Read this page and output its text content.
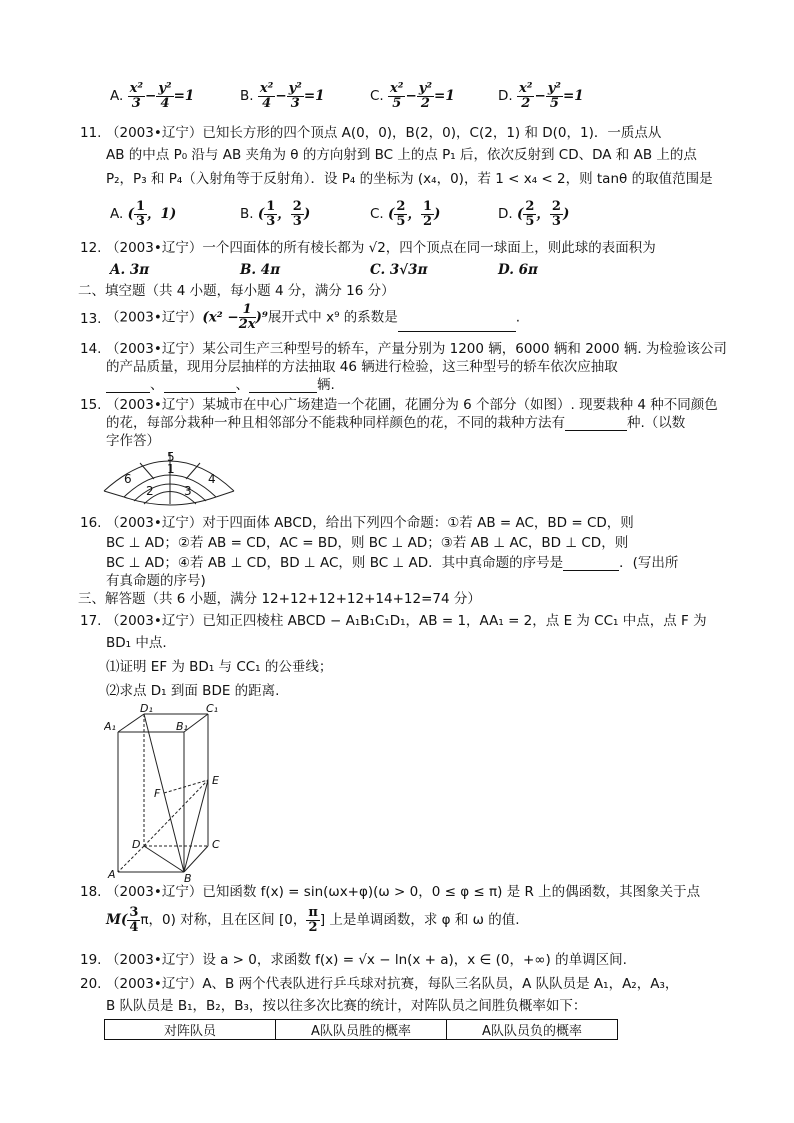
A. $\frac{\text{x²}}{3} - \frac{\text{y²}}{4} =1$	B. $\frac{\text{x²}}{4} - \frac{\text{y²}}{3} =1$	C. $\frac{\text{x²}}{5} - \frac{\text{y²}}{2} =1$	D. $\frac{\text{x²}}{2} - \frac{\text{y²}}{5} =1$
11. （2003•辽宁）已知长方形的四个顶点 A(0，0)，B(2，0)，C(2，1) 和 D(0，1)．一质点从
AB 的中点 P₀ 沿与 AB 夹角为 θ 的方向射到 BC 上的点 P₁ 后，依次反射到 CD、DA 和 AB 上的点
P₂，P₃ 和 P₄（入射角等于反射角）．设 P₄ 的坐标为 (x₄，0)，若 1 < x₄ < 2，则 tanθ 的取值范围是
A. ( $\frac{1}{3}$ ，1)	B. ( $\frac{1}{3}$ ， $\frac{2}{3}$ )	C. ( $\frac{2}{5}$ ， $\frac{1}{2}$ )	D. ( $\frac{2}{5}$ ， $\frac{2}{3}$ )
12. （2003•辽宁）一个四面体的所有棱长都为 √2，四个顶点在同一球面上，则此球的表面积为
A. 3π	B. 4π	C. 3√3π	D. 6π
二、填空题（共 4 小题，每小题 4 分，满分 16 分）
13. （2003•辽宁）$(x^2 - \frac{1}{2x} )^9$展开式中 x⁹ 的系数是	.
14. （2003•辽宁）某公司生产三种型号的轿车，产量分别为 1200 辆，6000 辆和 2000 辆. 为检验该公司
的产品质量，现用分层抽样的方法抽取 46 辆进行检验，这三种型号的轿车依次应抽取
、	、	辆.
15. （2003•辽宁）某城市在中心广场建造一个花圃，花圃分为 6 个部分（如图）. 现要栽种 4 种不同颜色
的花，每部分栽种一种且相邻部分不能栽种同样颜色的花，不同的栽种方法有	种.（以数
字作答）
5
1
2	3
6	4
16. （2003•辽宁）对于四面体 ABCD，给出下列四个命题：①若 AB = AC，BD = CD，则
BC ⊥ AD；②若 AB = CD，AC = BD，则 BC ⊥ AD；③若 AB ⊥ AC，BD ⊥ CD，则
BC ⊥ AD；④若 AB ⊥ CD，BD ⊥ AC，则 BC ⊥ AD．其中真命题的序号是	．(写出所
有真命题的序号)
三、解答题（共 6 小题，满分 12+12+12+12+14+12=74 分）
17. （2003•辽宁）已知正四棱柱 ABCD − A₁B₁C₁D₁，AB = 1，AA₁ = 2，点 E 为 CC₁ 中点，点 F 为
BD₁ 中点.
⑴证明 EF 为 BD₁ 与 CC₁ 的公垂线；
⑵求点 D₁ 到面 BDE 的距离.
D₁	C₁
A₁	B₁
E
F
D	C
A	B
18. （2003•辽宁）已知函数 f(x) = sin(ωx+φ)(ω > 0，0 ≤ φ ≤ π) 是 R 上的偶函数，其图象关于点
$M( \frac{3}{4}$ π，0) 对称，且在区间 [0， $\frac{\pi}{2}$ ] 上是单调函数，求 φ 和 ω 的值.
19. （2003•辽宁）设 a > 0，求函数 f(x) = √x − ln(x + a)，x ∈ (0，+∞) 的单调区间.
20. （2003•辽宁）A、B 两个代表队进行乒乓球对抗赛，每队三名队员，A 队队员是 A₁，A₂，A₃，
B 队队员是 B₁，B₂，B₃，按以往多次比赛的统计，对阵队员之间胜负概率如下：
对阵队员	A队队员胜的概率	A队队员负的概率
